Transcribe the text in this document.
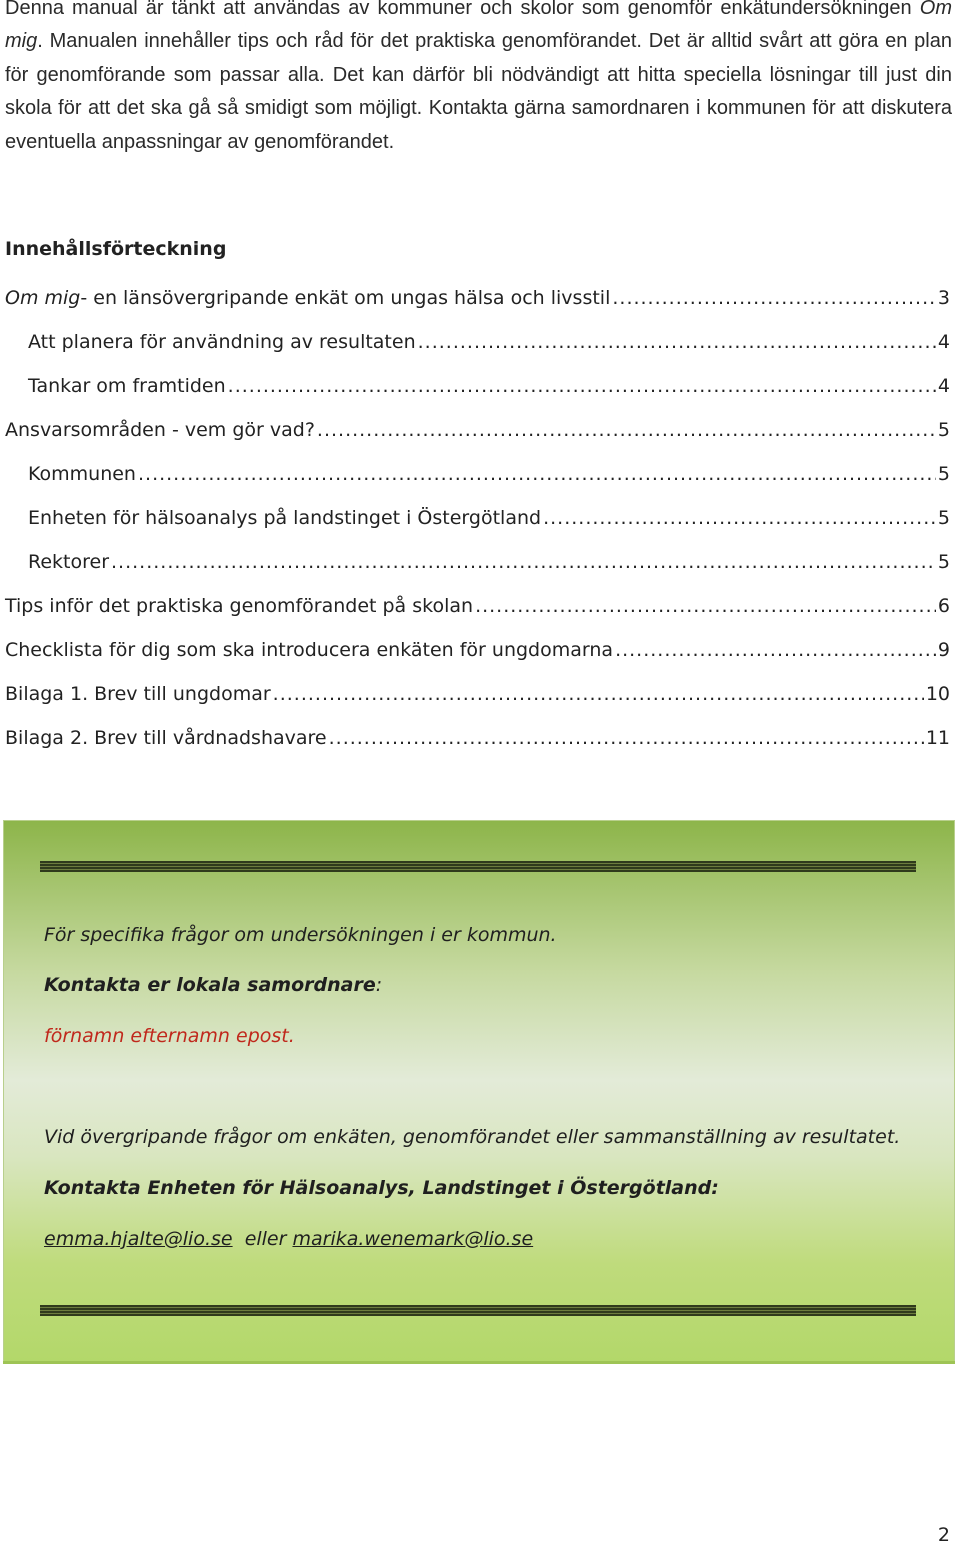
Denna manual är tänkt att användas av kommuner och skolor som genomför enkätundersökningen Om mig. Manualen innehåller tips och råd för det praktiska genomförandet. Det är alltid svårt att göra en plan för genomförande som passar alla. Det kan därför bli nödvändigt att hitta speciella lösningar till just din skola för att det ska gå så smidigt som möjligt. Kontakta gärna samordnaren i kommunen för att diskutera eventuella anpassningar av genomförandet.

Innehållsförteckning
Om mig- en länsövergripande enkät om ungas hälsa och livsstil .....	3
Att planera för användning av resultaten .....	4
Tankar om framtiden .....	4
Ansvarsområden - vem gör vad? .....	5
Kommunen .....	5
Enheten för hälsoanalys på landstinget i Östergötland .....	5
Rektorer .....	5
Tips inför det praktiska genomförandet på skolan .....	6
Checklista för dig som ska introducera enkäten för ungdomarna .....	9
Bilaga 1. Brev till ungdomar .....	10
Bilaga 2. Brev till vårdnadshavare .....	11
För specifika frågor om undersökningen i er kommun.
Kontakta er lokala samordnare:
förnamn efternamn epost.
Vid övergripande frågor om enkäten, genomförandet eller sammanställning av resultatet.
Kontakta Enheten för Hälsoanalys, Landstinget i Östergötland:
emma.hjalte@lio.se eller marika.wenemark@lio.se
2
